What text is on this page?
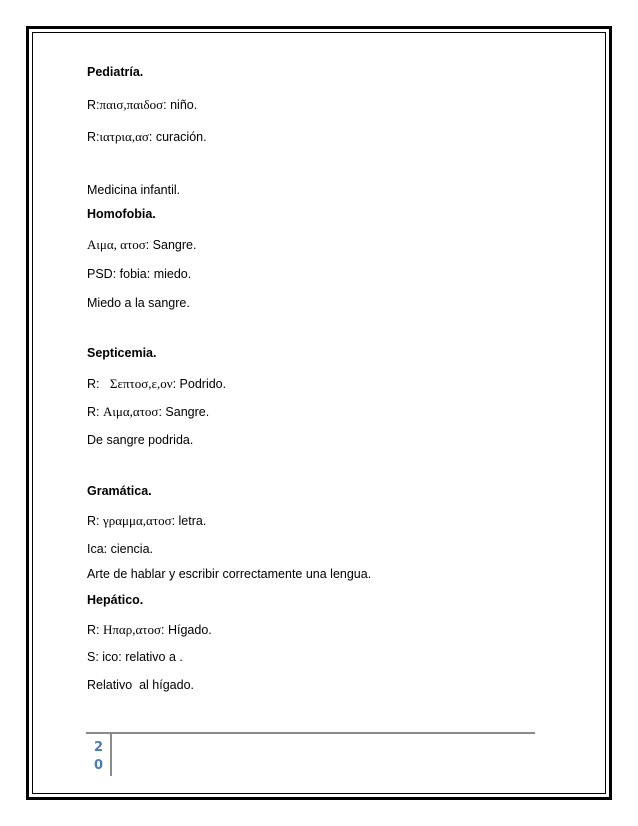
Pediatría.
R:παισ,παιδοσ: niño.
R:ιατρια,ασ: curación.
Medicina infantil.
Homofobia.
Aιμα, ατοσ: Sangre.
PSD: fobia: miedo.
Miedo a la sangre.
Septicemia.
R:   Σεπτοσ,ε,ον: Podrido.
R: Aιμα,ατοσ: Sangre.
De sangre podrida.
Gramática.
R: γραμμα,ατοσ: letra.
Ica: ciencia.
Arte de hablar y escribir correctamente una lengua.
Hepático.
R: Ηπαρ,ατοσ: Hígado.
S: ico: relativo a .
Relativo  al hígado.
2
0
